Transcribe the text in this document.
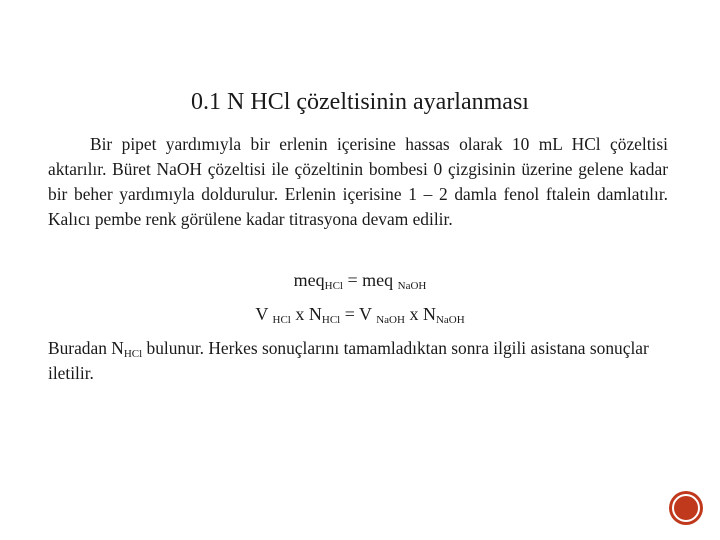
0.1 N HCl çözeltisinin ayarlanması

Bir pipet yardımıyla bir erlenin içerisine hassas olarak 10 mL HCl çözeltisi aktarılır. Büret NaOH çözeltisi ile çözeltinin bombesi 0 çizgisinin üzerine gelene kadar bir beher yardımıyla doldurulur. Erlenin içerisine 1 – 2 damla fenol ftalein damlatılır. Kalıcı pembe renk görülene kadar titrasyona devam edilir.

meq$_{HCl}$ = meq $_{NaOH}$
V $_{HCl}$ x $N_{HCl} = V$ $_{NaOH}$ x $N_{NaOH}$

Buradan $N_{HCl}$ bulunur. Herkes sonuçlarını tamamladıktan sonra ilgili asistana sonuçlar iletilir.
